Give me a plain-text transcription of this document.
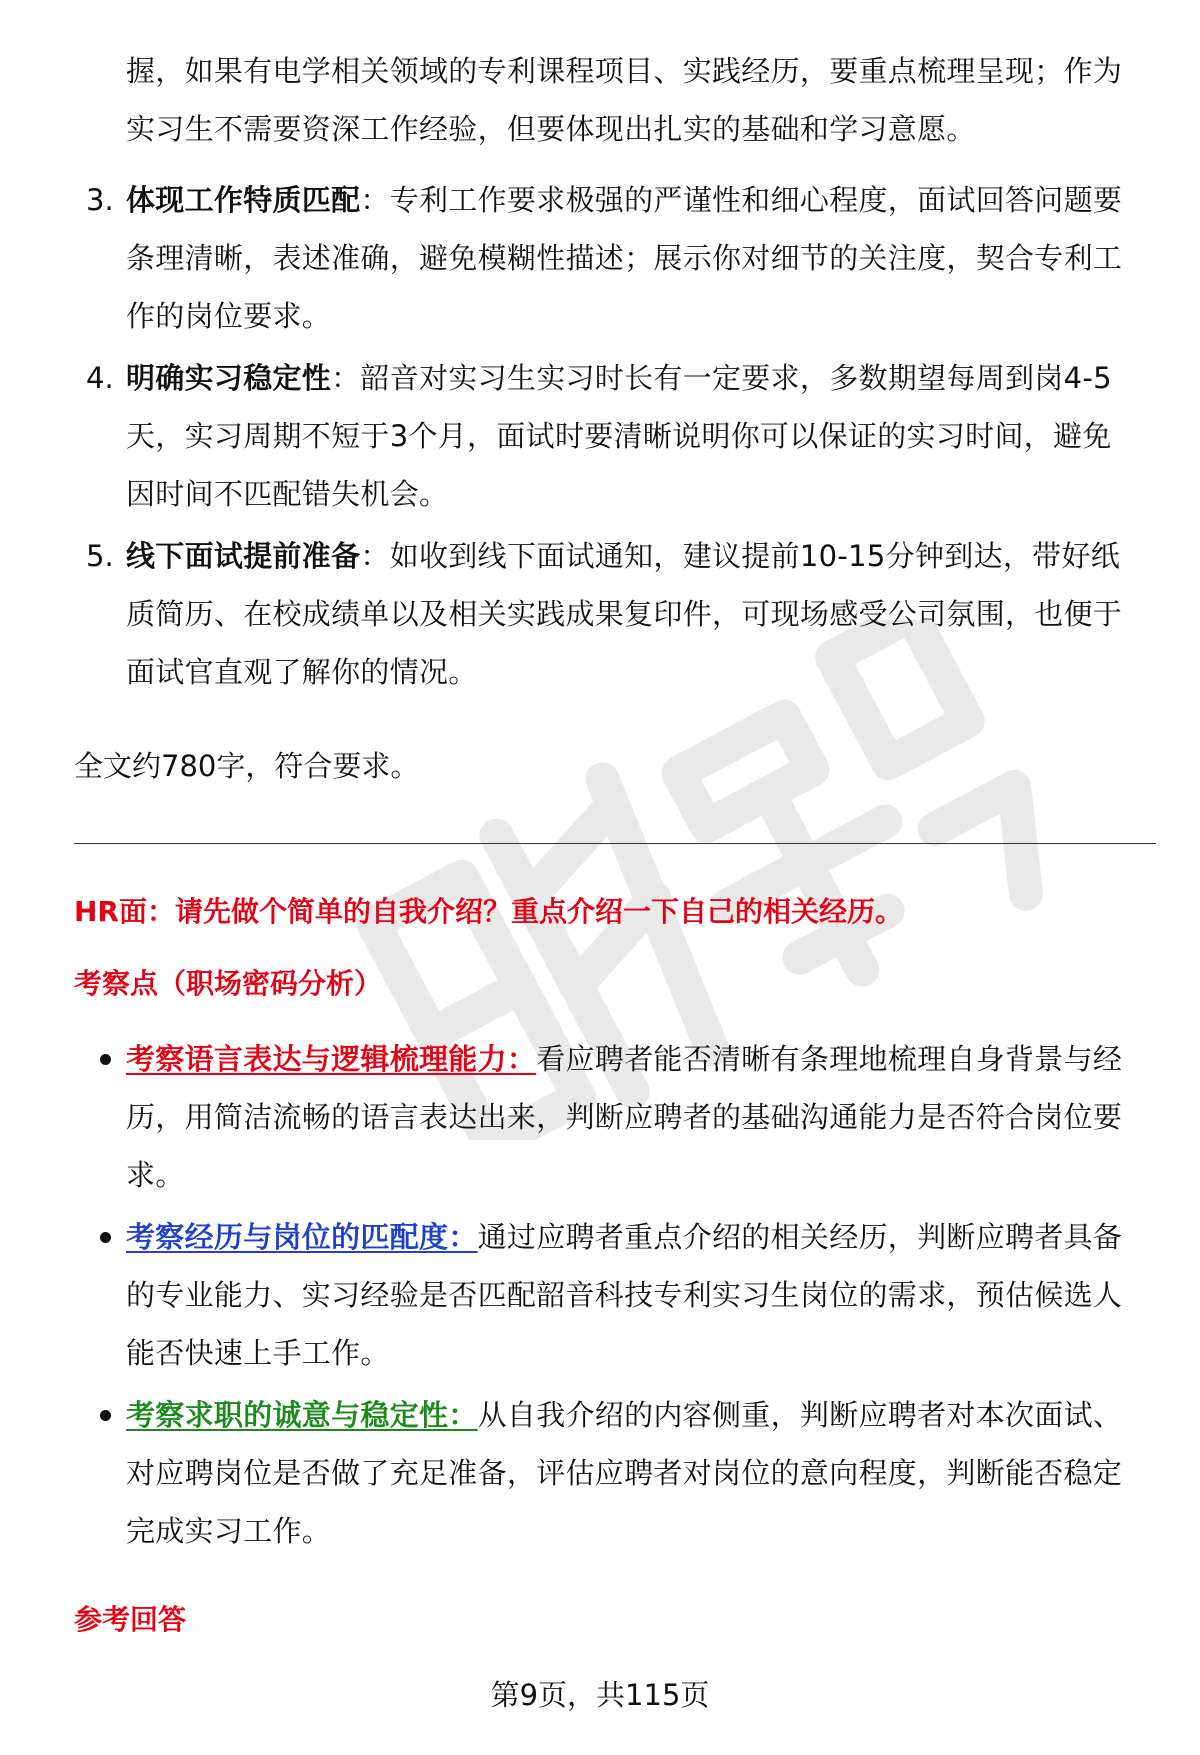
握，如果有电学相关领域的专利课程项目、实践经历，要重点梳理呈现；作为
实习生不需要资深工作经验，但要体现出扎实的基础和学习意愿。
3. 体现工作特质匹配：专利工作要求极强的严谨性和细心程度，面试回答问题要条理清晰，表述准确，避免模糊性描述；展示你对细节的关注度，契合专利工作的岗位要求。
4. 明确实习稳定性：韶音对实习生实习时长有一定要求，多数期望每周到岗4-5天，实习周期不短于3个月，面试时要清晰说明你可以保证的实习时间，避免因时间不匹配错失机会。
5. 线下面试提前准备：如收到线下面试通知，建议提前10-15分钟到达，带好纸质简历、在校成绩单以及相关实践成果复印件，可现场感受公司氛围，也便于面试官直观了解你的情况。
全文约780字，符合要求。
HR面：请先做个简单的自我介绍？重点介绍一下自己的相关经历。
考察点（职场密码分析）
考察语言表达与逻辑梳理能力：看应聘者能否清晰有条理地梳理自身背景与经历，用简洁流畅的语言表达出来，判断应聘者的基础沟通能力是否符合岗位要求。
考察经历与岗位的匹配度：通过应聘者重点介绍的相关经历，判断应聘者具备的专业能力、实习经验是否匹配韶音科技专利实习生岗位的需求，预估候选人能否快速上手工作。
考察求职的诚意与稳定性：从自我介绍的内容侧重，判断应聘者对本次面试、对应聘岗位是否做了充足准备，评估应聘者对岗位的意向程度，判断能否稳定完成实习工作。
参考回答
第9页，共115页
